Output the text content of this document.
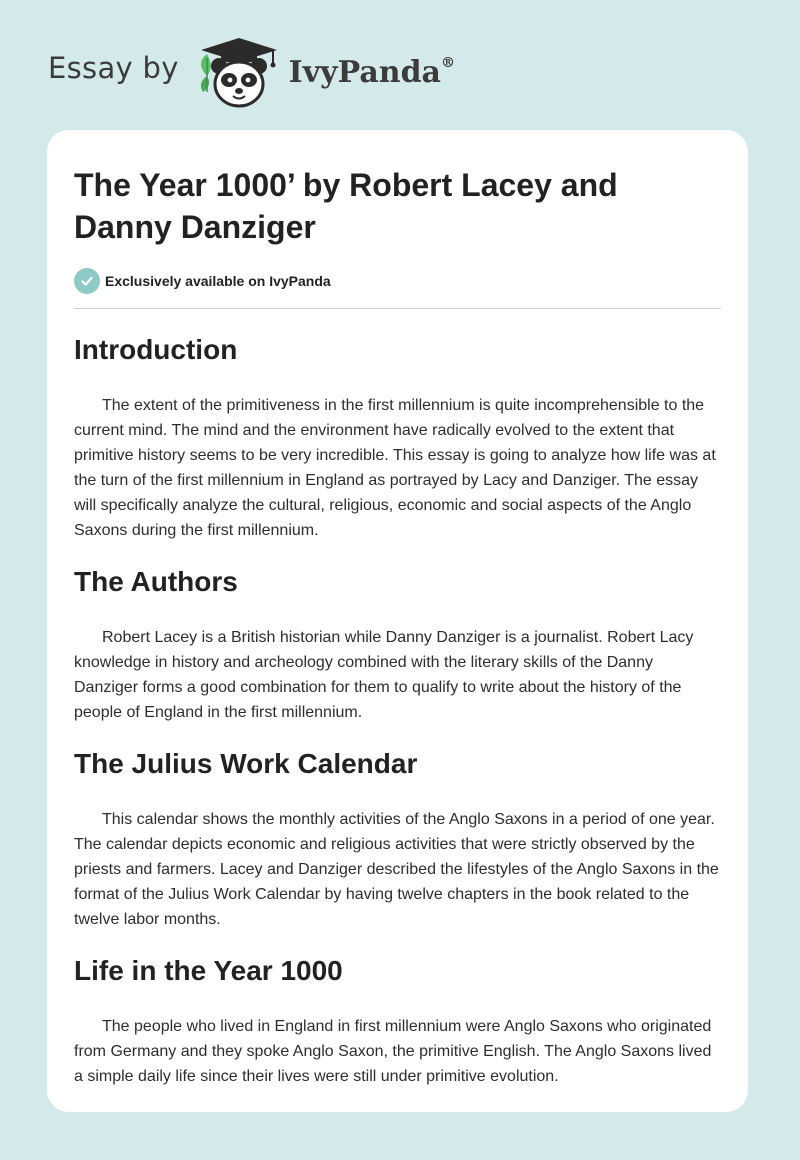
Essay by	IvyPanda®
The Year 1000’ by Robert Lacey and Danny Danziger
Exclusively available on IvyPanda
Introduction

The extent of the primitiveness in the first millennium is quite incomprehensible to the current mind. The mind and the environment have radically evolved to the extent that primitive history seems to be very incredible. This essay is going to analyze how life was at the turn of the first millennium in England as portrayed by Lacy and Danziger. The essay will specifically analyze the cultural, religious, economic and social aspects of the Anglo Saxons during the first millennium.

The Authors

Robert Lacey is a British historian while Danny Danziger is a journalist. Robert Lacy knowledge in history and archeology combined with the literary skills of the Danny Danziger forms a good combination for them to qualify to write about the history of the people of England in the first millennium.

The Julius Work Calendar

This calendar shows the monthly activities of the Anglo Saxons in a period of one year. The calendar depicts economic and religious activities that were strictly observed by the priests and farmers. Lacey and Danziger described the lifestyles of the Anglo Saxons in the format of the Julius Work Calendar by having twelve chapters in the book related to the twelve labor months.

Life in the Year 1000

The people who lived in England in first millennium were Anglo Saxons who originated from Germany and they spoke Anglo Saxon, the primitive English. The Anglo Saxons lived a simple daily life since their lives were still under primitive evolution.
